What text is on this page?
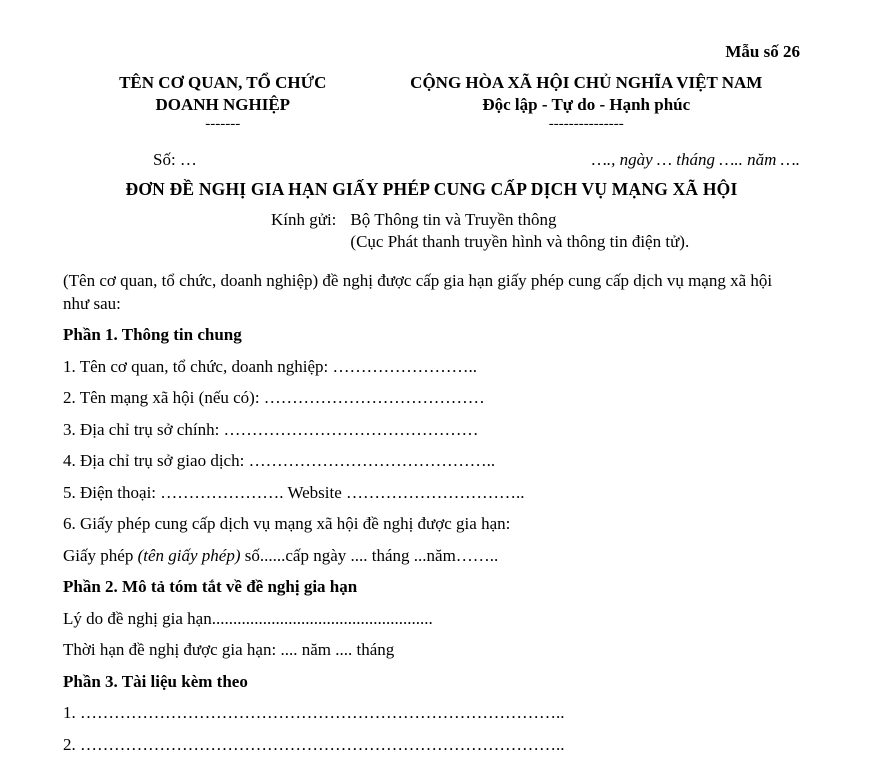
Mẫu số 26
TÊN CƠ QUAN, TỔ CHỨC
DOANH NGHIỆP
-------
CỘNG HÒA XÃ HỘI CHỦ NGHĨA VIỆT NAM
Độc lập - Tự do - Hạnh phúc
---------------
Số: …	…., ngày … tháng ….. năm ….
ĐƠN ĐỀ NGHỊ GIA HẠN GIẤY PHÉP CUNG CẤP DỊCH VỤ MẠNG XÃ HỘI
Kính gửi: Bộ Thông tin và Truyền thông
(Cục Phát thanh truyền hình và thông tin điện tử).
(Tên cơ quan, tổ chức, doanh nghiệp) đề nghị được cấp gia hạn giấy phép cung cấp dịch vụ mạng xã hội như sau:

Phần 1. Thông tin chung

1. Tên cơ quan, tổ chức, doanh nghiệp: ……………………..

2. Tên mạng xã hội (nếu có): …………………………………

3. Địa chỉ trụ sở chính: ………………………………………

4. Địa chỉ trụ sở giao dịch: ……………………………………..

5. Điện thoại: …………………. Website …………………………..

6. Giấy phép cung cấp dịch vụ mạng xã hội đề nghị được gia hạn:

Giấy phép (tên giấy phép) số......cấp ngày .... tháng ...năm……..

Phần 2. Mô tả tóm tắt về đề nghị gia hạn

Lý do đề nghị gia hạn....................................................

Thời hạn đề nghị được gia hạn: .... năm .... tháng

Phần 3. Tài liệu kèm theo

1. …………………………………………………………………………..

2. …………………………………………………………………………..
